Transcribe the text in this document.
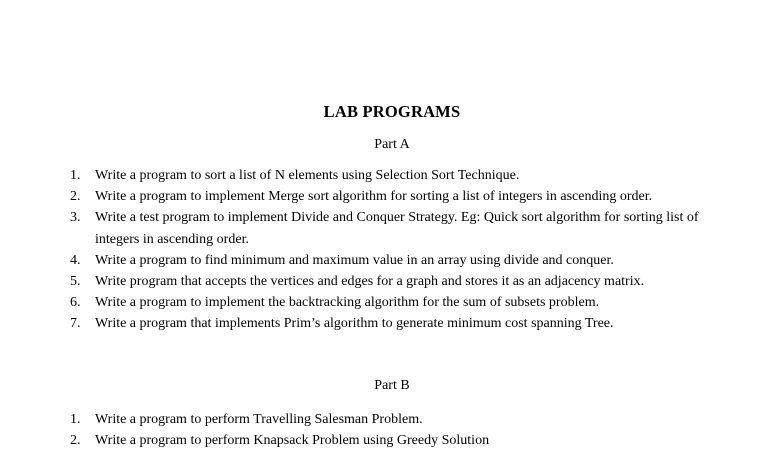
LAB PROGRAMS
Part A
1. Write a program to sort a list of N elements using Selection Sort Technique.
2. Write a program to implement Merge sort algorithm for sorting a list of integers in ascending order.
3. Write a test program to implement Divide and Conquer Strategy. Eg: Quick sort algorithm for sorting list of integers in ascending order.
4. Write a program to find minimum and maximum value in an array using divide and conquer.
5. Write program that accepts the vertices and edges for a graph and stores it as an adjacency matrix.
6. Write a program to implement the backtracking algorithm for the sum of subsets problem.
7. Write a program that implements Prim’s algorithm to generate minimum cost spanning Tree.
Part B
1. Write a program to perform Travelling Salesman Problem.
2. Write a program to perform Knapsack Problem using Greedy Solution
